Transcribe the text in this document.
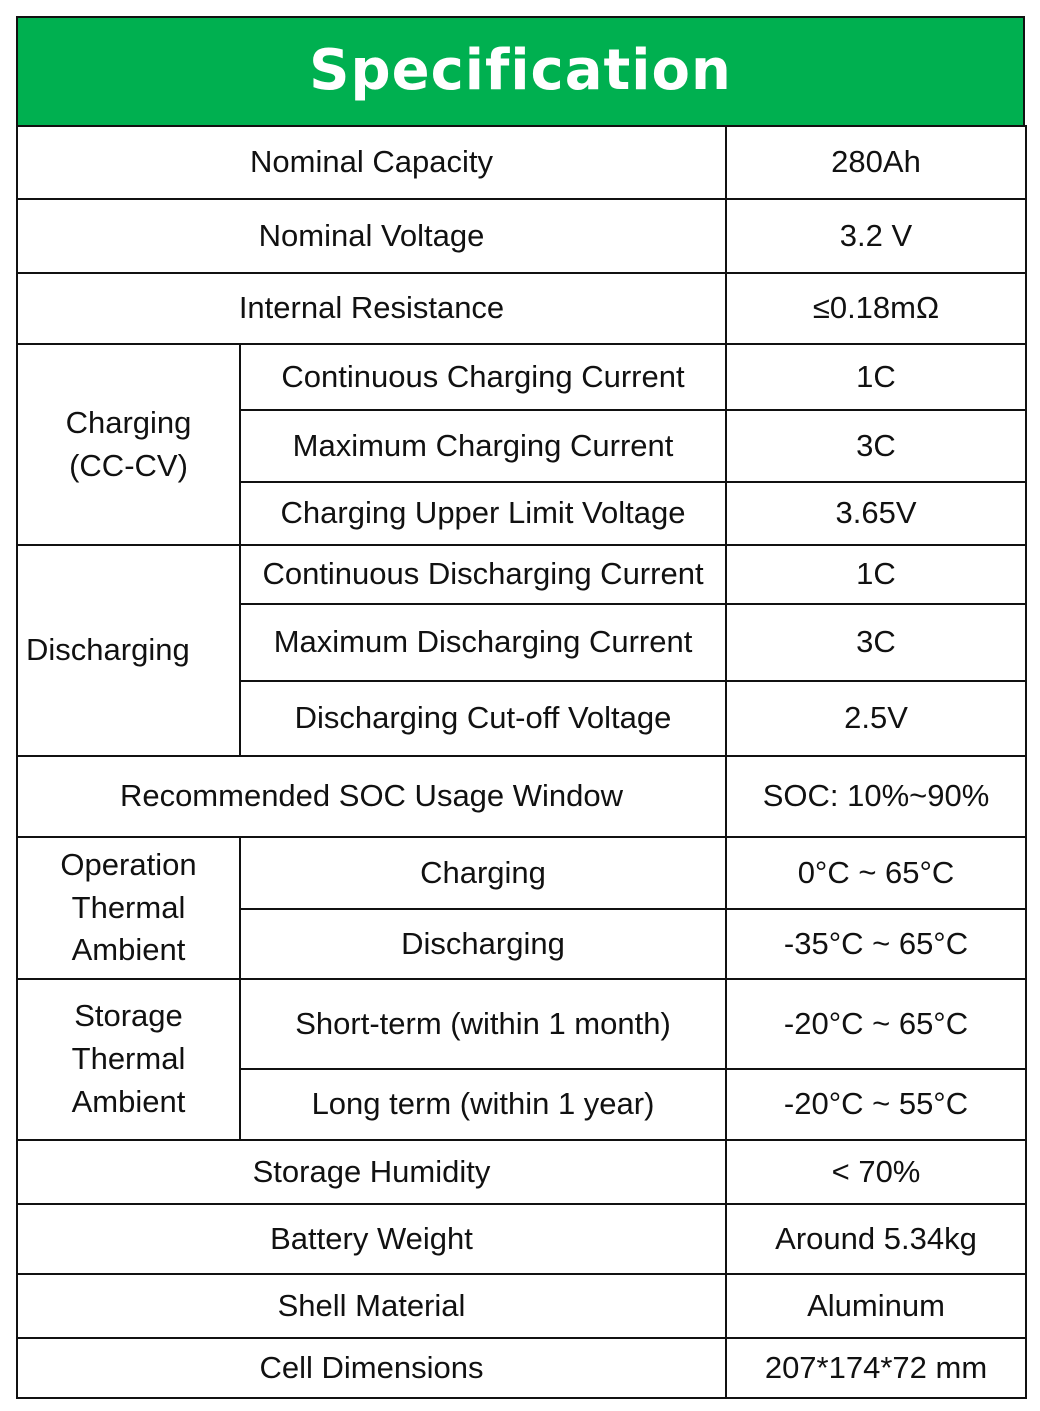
Specification
Nominal Capacity		280Ah
Nominal Voltage		3.2 V
Internal Resistance		≤0.18mΩ
Charging (CC-CV)	Continuous Charging Current	1C
	Maximum Charging Current	3C
	Charging Upper Limit Voltage	3.65V
Discharging	Continuous Discharging Current	1C
	Maximum Discharging Current	3C
	Discharging Cut-off Voltage	2.5V
Recommended SOC Usage Window		SOC: 10%~90%
Operation Thermal Ambient	Charging	0°C ~ 65°C
	Discharging	-35°C ~ 65°C
Storage Thermal Ambient	Short-term (within 1 month)	-20°C ~ 65°C
	Long term (within 1 year)	-20°C ~ 55°C
Storage Humidity		< 70%
Battery Weight		Around 5.34kg
Shell Material		Aluminum
Cell Dimensions		207*174*72 mm
